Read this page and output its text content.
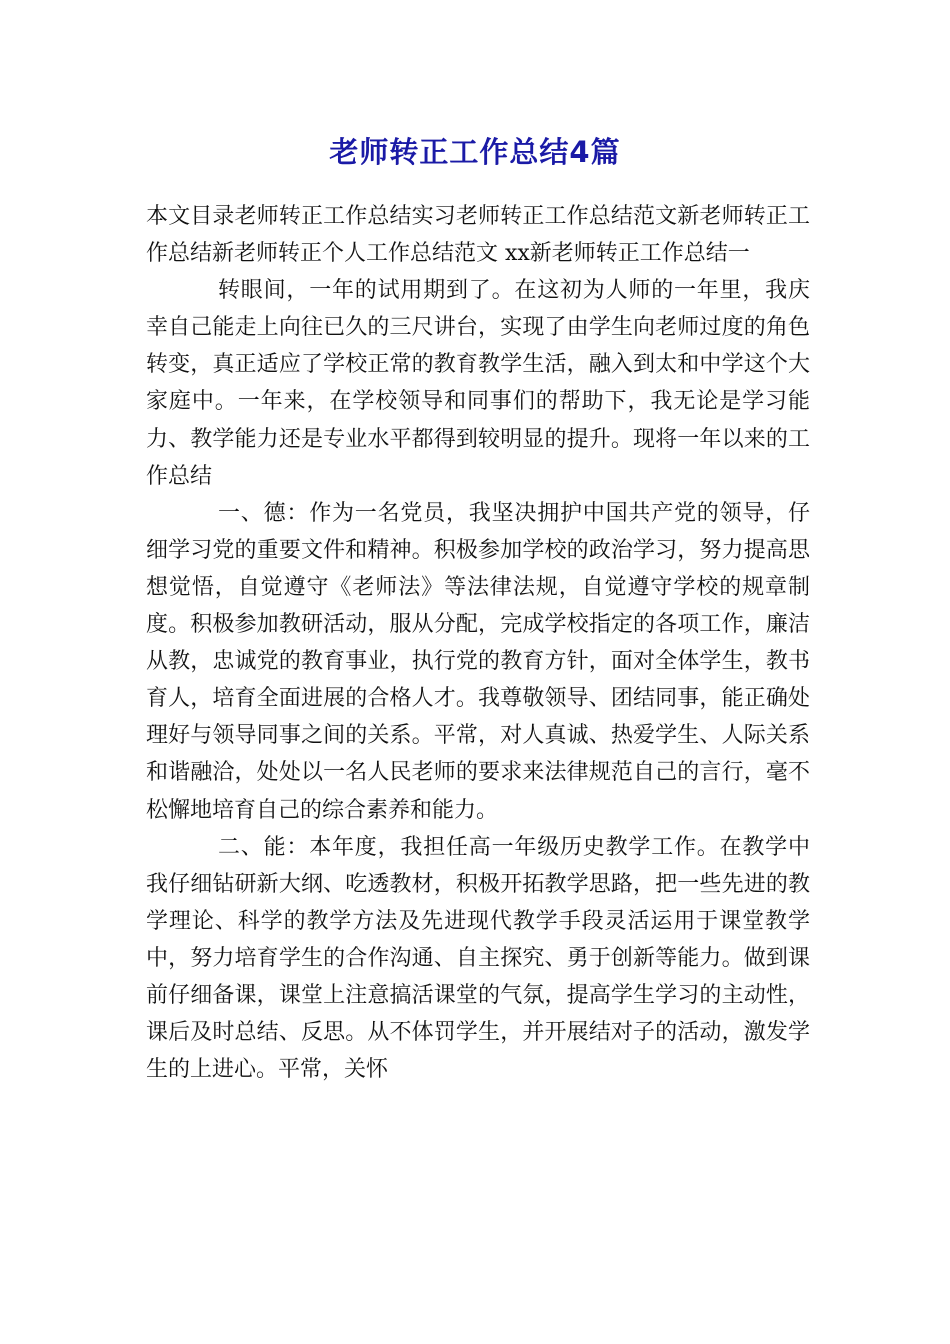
老师转正工作总结4篇

本文目录老师转正工作总结实习老师转正工作总结范文新老师转正工作总结新老师转正个人工作总结范文 xx新老师转正工作总结一

转眼间，一年的试用期到了。在这初为人师的一年里，我庆幸自己能走上向往已久的三尺讲台，实现了由学生向老师过度的角色转变，真正适应了学校正常的教育教学生活，融入到太和中学这个大家庭中。一年来，在学校领导和同事们的帮助下，我无论是学习能力、教学能力还是专业水平都得到较明显的提升。现将一年以来的工作总结

一、德：作为一名党员，我坚决拥护中国共产党的领导，仔细学习党的重要文件和精神。积极参加学校的政治学习，努力提高思想觉悟，自觉遵守《老师法》等法律法规，自觉遵守学校的规章制度。积极参加教研活动，服从分配，完成学校指定的各项工作，廉洁从教，忠诚党的教育事业，执行党的教育方针，面对全体学生，教书育人，培育全面进展的合格人才。我尊敬领导、团结同事，能正确处理好与领导同事之间的关系。平常，对人真诚、热爱学生、人际关系和谐融洽，处处以一名人民老师的要求来法律规范自己的言行，毫不松懈地培育自己的综合素养和能力。

二、能：本年度，我担任高一年级历史教学工作。在教学中我仔细钻研新大纲、吃透教材，积极开拓教学思路，把一些先进的教学理论、科学的教学方法及先进现代教学手段灵活运用于课堂教学中，努力培育学生的合作沟通、自主探究、勇于创新等能力。做到课前仔细备课，课堂上注意搞活课堂的气氛，提高学生学习的主动性，课后及时总结、反思。从不体罚学生，并开展结对子的活动，激发学生的上进心。平常，关怀
